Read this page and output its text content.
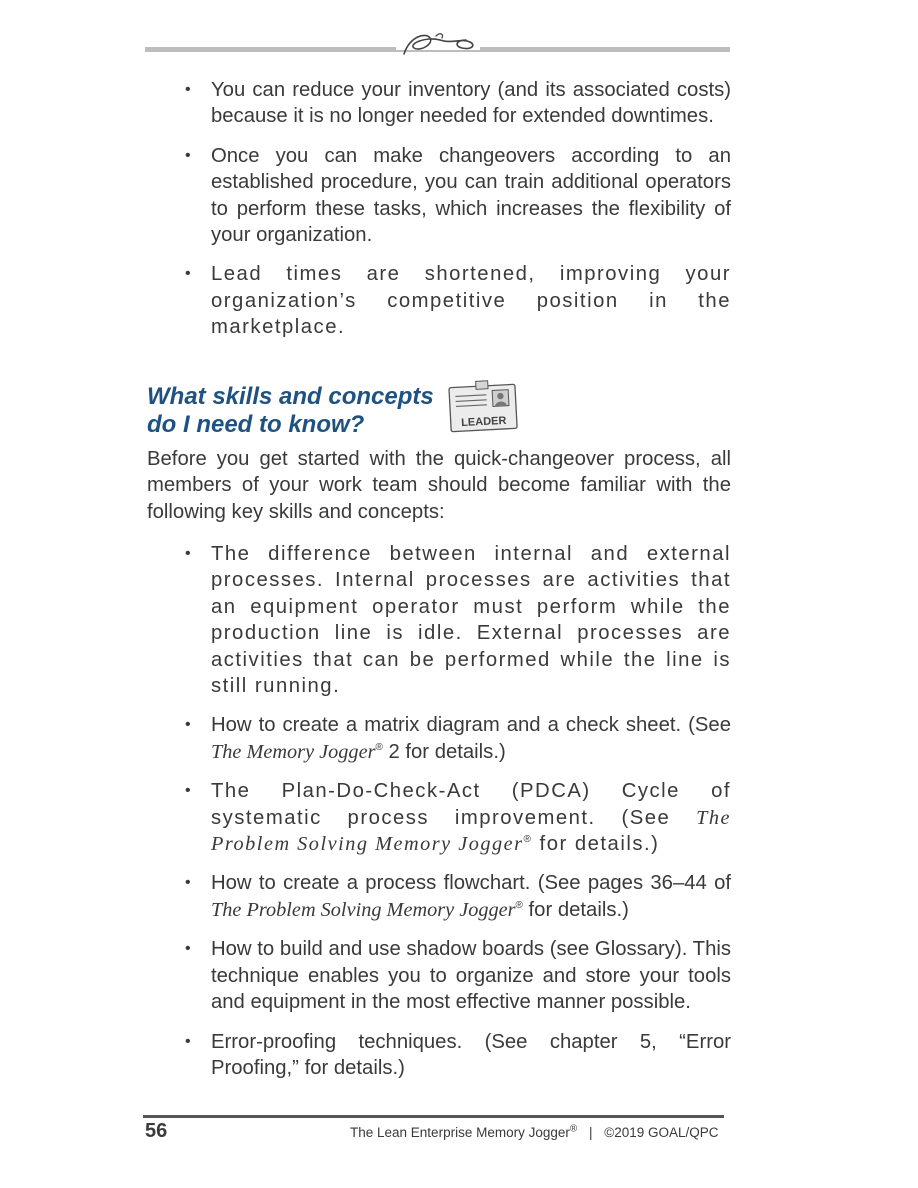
• You can reduce your inventory (and its associated costs) because it is no longer needed for extended downtimes.
• Once you can make changeovers according to an established procedure, you can train additional operators to perform these tasks, which increases the flexibility of your organization.
• Lead times are shortened, improving your organization’s competitive position in the marketplace.
What skills and concepts
do I need to know?	LEADER

Before you get started with the quick-changeover process, all members of your work team should become familiar with the following key skills and concepts:

• The difference between internal and external processes. Internal processes are activities that an equipment operator must perform while the production line is idle. External processes are activities that can be performed while the line is still running.
• How to create a matrix diagram and a check sheet. (See The Memory Jogger® 2 for details.)
• The Plan-Do-Check-Act (PDCA) Cycle of systematic process improvement. (See The Problem Solving Memory Jogger® for details.)
• How to create a process flowchart. (See pages 36–44 of The Problem Solving Memory Jogger® for details.)
• How to build and use shadow boards (see Glossary). This technique enables you to organize and store your tools and equipment in the most effective manner possible.
• Error-proofing techniques. (See chapter 5, “Error Proofing,” for details.)
56	The Lean Enterprise Memory Jogger® | ©2019 GOAL/QPC
